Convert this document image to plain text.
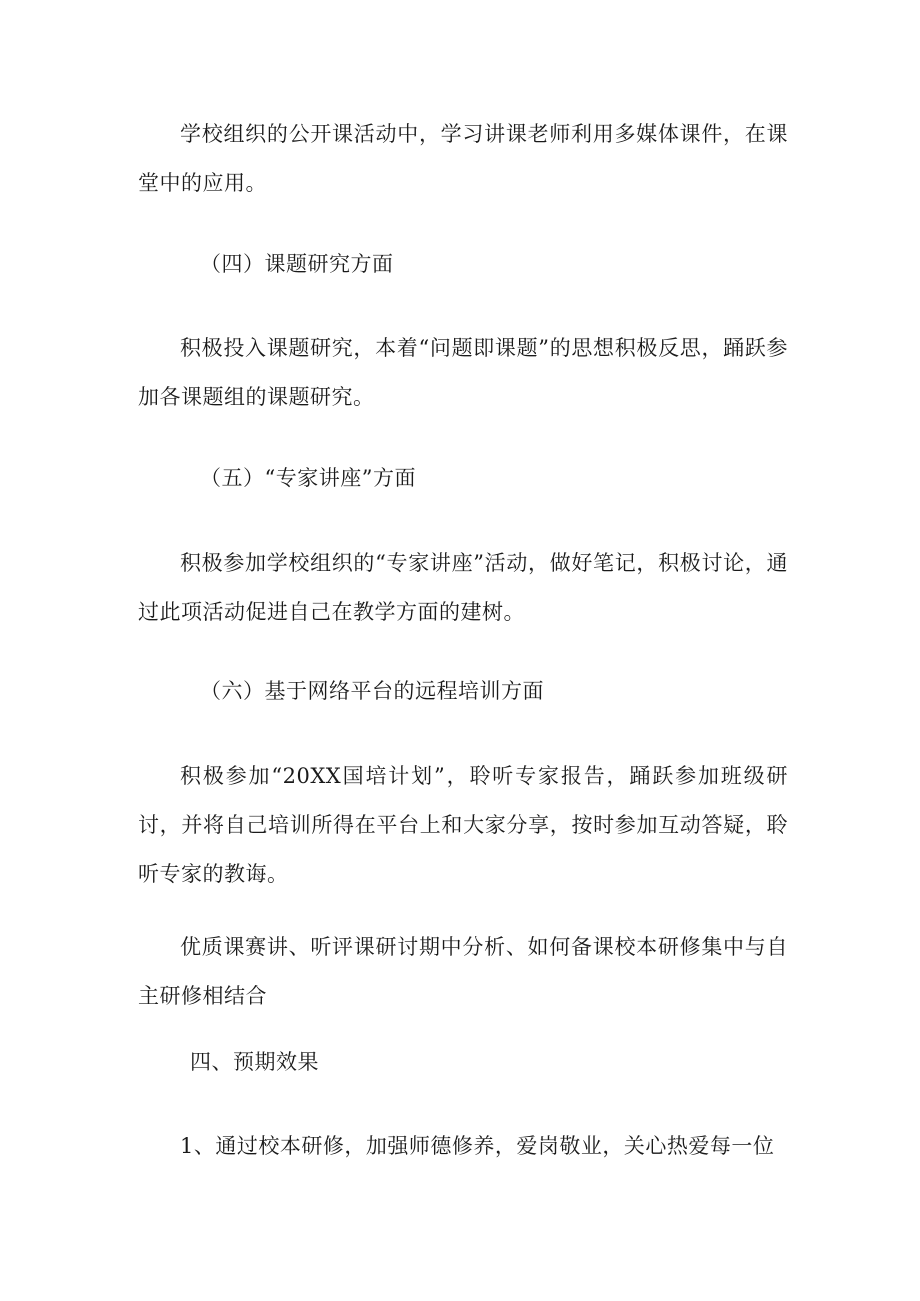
学校组织的公开课活动中，学习讲课老师利用多媒体课件，在课堂中的应用。

（四）课题研究方面

积极投入课题研究，本着“问题即课题”的思想积极反思，踊跃参加各课题组的课题研究。

（五）“专家讲座”方面

积极参加学校组织的“专家讲座”活动，做好笔记，积极讨论，通过此项活动促进自己在教学方面的建树。

（六）基于网络平台的远程培训方面

积极参加“20XX国培计划”，聆听专家报告，踊跃参加班级研讨，并将自己培训所得在平台上和大家分享，按时参加互动答疑，聆听专家的教诲。

优质课赛讲、听评课研讨期中分析、如何备课校本研修集中与自主研修相结合

四、预期效果

1、通过校本研修，加强师德修养，爱岗敬业，关心热爱每一位
